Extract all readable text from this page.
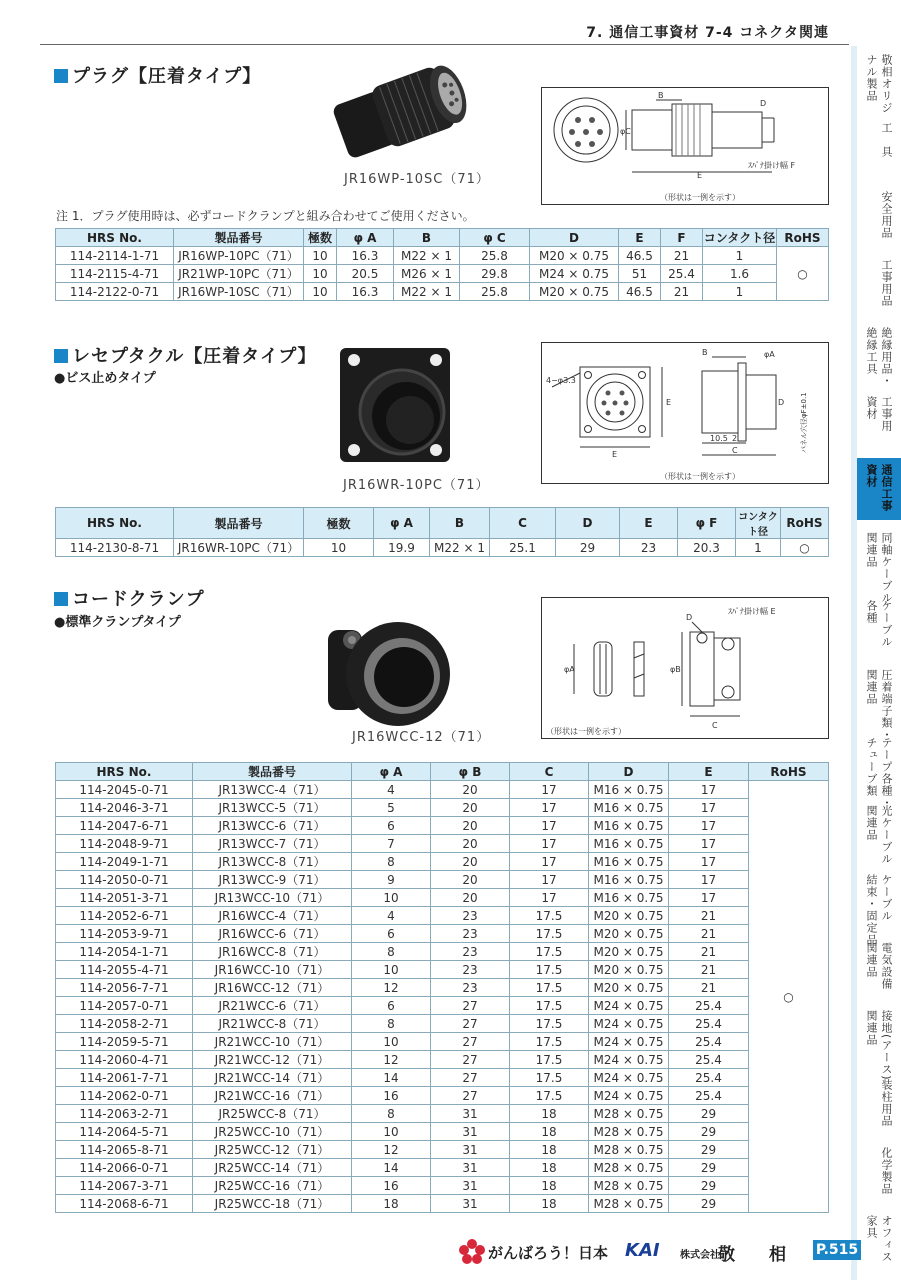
7. 通信工事資材 7-4 コネクタ関連
プラグ【圧着タイプ】
JR16WP-10SC（71）
B
D
φC
E
ｽﾊﾟﾅ掛け幅 F
（形状は一例を示す）
注 1．プラグ使用時は、必ずコードクランプと組み合わせてご使用ください。
HRS No.	製品番号	極数	φ A	B	φ C	D	E	F	コンタクト径	RoHS
114-2114-1-71	JR16WP-10PC（71）	10	16.3	M22 × 1	25.8	M20 × 0.75	46.5	21	1	○
114-2115-4-71	JR21WP-10PC（71）	10	20.5	M26 × 1	29.8	M24 × 0.75	51	25.4	1.6	
114-2122-0-71	JR16WP-10SC（71）	10	16.3	M22 × 1	25.8	M20 × 0.75	46.5	21	1	
レセプタクル【圧着タイプ】
●ビス止めタイプ
JR16WR-10PC（71）
4−φ3.3
E
E
B
10.5 2
C
D
φA
パネル穴径φF±0.1
（形状は一例を示す）
HRS No.	製品番号	極数	φ A	B	C	D	E	φ F	コンタクト径	RoHS
114-2130-8-71	JR16WR-10PC（71）	10	19.9	M22 × 1	25.1	29	23	20.3	1	○
コードクランプ
●標準クランプタイプ
JR16WCC-12（71）
φA	φB
D
C
ｽﾊﾟﾅ掛け幅 E
（形状は一例を示す）
HRS No.	製品番号	φ A	φ B	C	D	E	RoHS
114-2045-0-71	JR13WCC-4（71）	4	20	17	M16 × 0.75	17	○
114-2046-3-71	JR13WCC-5（71）	5	20	17	M16 × 0.75	17	
114-2047-6-71	JR13WCC-6（71）	6	20	17	M16 × 0.75	17	
114-2048-9-71	JR13WCC-7（71）	7	20	17	M16 × 0.75	17	
114-2049-1-71	JR13WCC-8（71）	8	20	17	M16 × 0.75	17	
114-2050-0-71	JR13WCC-9（71）	9	20	17	M16 × 0.75	17	
114-2051-3-71	JR13WCC-10（71）	10	20	17	M16 × 0.75	17	
114-2052-6-71	JR16WCC-4（71）	4	23	17.5	M20 × 0.75	21	
114-2053-9-71	JR16WCC-6（71）	6	23	17.5	M20 × 0.75	21	
114-2054-1-71	JR16WCC-8（71）	8	23	17.5	M20 × 0.75	21	
114-2055-4-71	JR16WCC-10（71）	10	23	17.5	M20 × 0.75	21	
114-2056-7-71	JR16WCC-12（71）	12	23	17.5	M20 × 0.75	21	
114-2057-0-71	JR21WCC-6（71）	6	27	17.5	M24 × 0.75	25.4	
114-2058-2-71	JR21WCC-8（71）	8	27	17.5	M24 × 0.75	25.4	
114-2059-5-71	JR21WCC-10（71）	10	27	17.5	M24 × 0.75	25.4	
114-2060-4-71	JR21WCC-12（71）	12	27	17.5	M24 × 0.75	25.4	
114-2061-7-71	JR21WCC-14（71）	14	27	17.5	M24 × 0.75	25.4	
114-2062-0-71	JR21WCC-16（71）	16	27	17.5	M24 × 0.75	25.4	
114-2063-2-71	JR25WCC-8（71）	8	31	18	M28 × 0.75	29	
114-2064-5-71	JR25WCC-10（71）	10	31	18	M28 × 0.75	29	
114-2065-8-71	JR25WCC-12（71）	12	31	18	M28 × 0.75	29	
114-2066-0-71	JR25WCC-14（71）	14	31	18	M28 × 0.75	29	
114-2067-3-71	JR25WCC-16（71）	16	31	18	M28 × 0.75	29	
114-2068-6-71	JR25WCC-18（71）	18	31	18	M28 × 0.75	29	
敬相オリジ
ナル製品
工　具
安全用品
工事用品
絶縁用品・
絶縁工具
工事用
資材
通信工事
資材
同軸ケーブル
関連品
ケーブル
各種
圧着端子類・
関連品
テープ各種・
チューブ類
光ケーブル
関連品
ケーブル
結束・固定品
電気設備
関連品
接地(アース)
関連品
装柱用品
化学製品
オフィス
家具
がんばろう！日本 KAI 株式会社
敬　　相 P.515
